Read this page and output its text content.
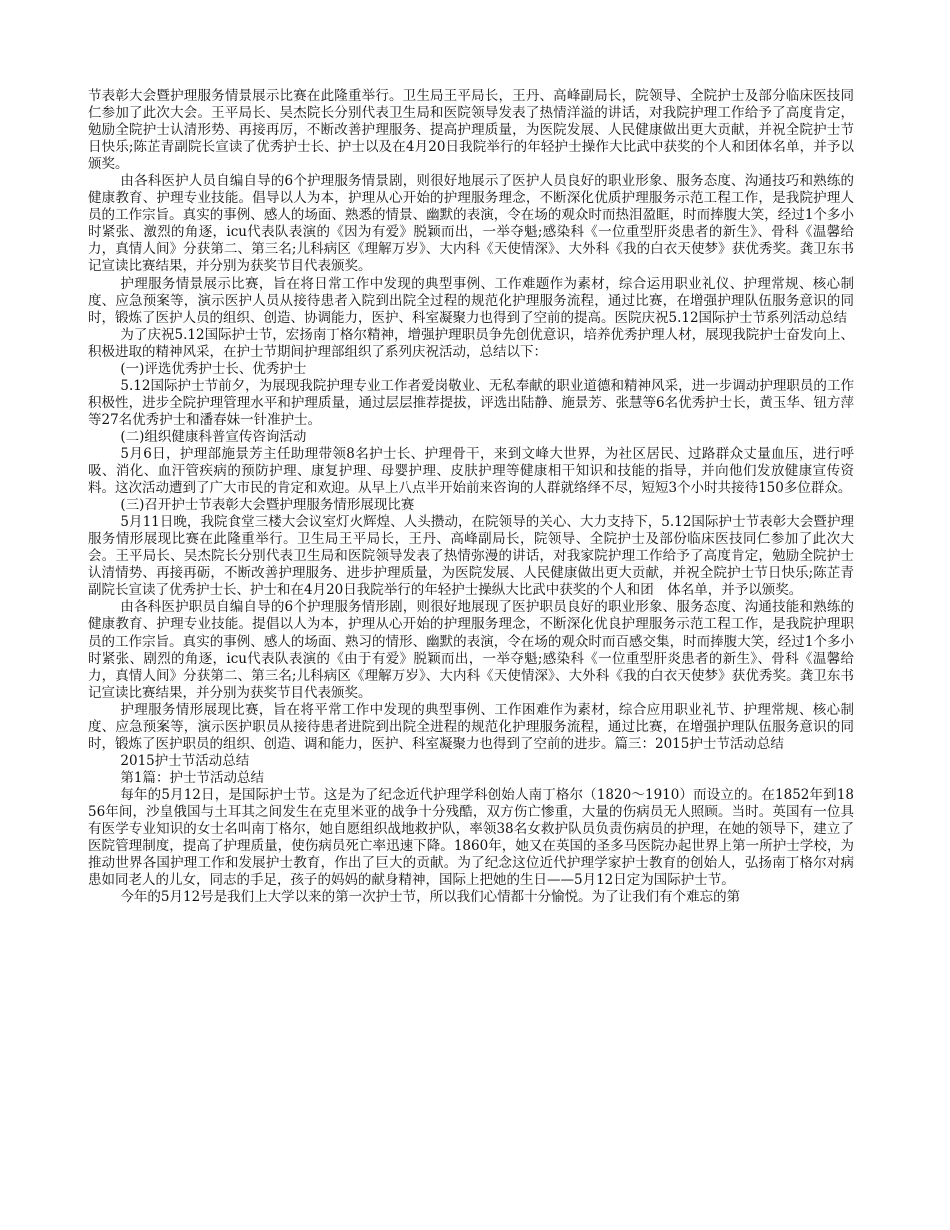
节表彰大会暨护理服务情景展示比赛在此隆重举行。卫生局王平局长，王丹、高峰副局长，院领导、全院护士及部分临床医技同仁参加了此次大会。王平局长、吴杰院长分别代表卫生局和医院领导发表了热情洋溢的讲话，对我院护理工作给予了高度肯定，勉励全院护士认清形势、再接再厉，不断改善护理服务、提高护理质量，为医院发展、人民健康做出更大贡献，并祝全院护士节日快乐;陈芷青副院长宣读了优秀护士长、护士以及在4月20日我院举行的年轻护士操作大比武中获奖的个人和团体名单，并予以颁奖。

由各科医护人员自编自导的6个护理服务情景剧，则很好地展示了医护人员良好的职业形象、服务态度、沟通技巧和熟练的健康教育、护理专业技能。倡导以人为本，护理从心开始的护理服务理念，不断深化优质护理服务示范工程工作，是我院护理人员的工作宗旨。真实的事例、感人的场面、熟悉的情景、幽默的表演，令在场的观众时而热泪盈眶，时而捧腹大笑，经过1个多小时紧张、激烈的角逐，icu代表队表演的《因为有爱》脱颖而出，一举夺魁;感染科《一位重型肝炎患者的新生》、骨科《温馨给力，真情人间》分获第二、第三名;儿科病区《理解万岁》、大内科《天使情深》、大外科《我的白衣天使梦》获优秀奖。龚卫东书记宣读比赛结果，并分别为获奖节目代表颁奖。

护理服务情景展示比赛，旨在将日常工作中发现的典型事例、工作难题作为素材，综合运用职业礼仪、护理常规、核心制度、应急预案等，演示医护人员从接待患者入院到出院全过程的规范化护理服务流程，通过比赛，在增强护理队伍服务意识的同时，锻炼了医护人员的组织、创造、协调能力，医护、科室凝聚力也得到了空前的提高。医院庆祝5.12国际护士节系列活动总结

为了庆祝5.12国际护士节，宏扬南丁格尔精神，增强护理职员争先创优意识，培养优秀护理人材，展现我院护士奋发向上、积极进取的精神风采，在护士节期间护理部组织了系列庆祝活动，总结以下：

(一)评选优秀护士长、优秀护士

5.12国际护士节前夕，为展现我院护理专业工作者爱岗敬业、无私奉献的职业道德和精神风采，进一步调动护理职员的工作积极性，进步全院护理管理水平和护理质量，通过层层推荐提拔，评选出陆静、施景芳、张慧等6名优秀护士长，黄玉华、钮方萍等27名优秀护士和潘春妹一针准护士。

(二)组织健康科普宣传咨询活动

5月6日，护理部施景芳主任助理带领8名护士长、护理骨干，来到文峰大世界，为社区居民、过路群众丈量血压，进行呼吸、消化、血汗管疾病的预防护理、康复护理、母婴护理、皮肤护理等健康相干知识和技能的指导，并向他们发放健康宣传资料。这次活动遭到了广大市民的肯定和欢迎。从早上八点半开始前来咨询的人群就络绎不尽，短短3个小时共接待150多位群众。

(三)召开护士节表彰大会暨护理服务情形展现比赛

5月11日晚，我院食堂三楼大会议室灯火辉煌、人头攒动，在院领导的关心、大力支持下，5.12国际护士节表彰大会暨护理服务情形展现比赛在此隆重举行。卫生局王平局长，王丹、高峰副局长，院领导、全院护士及部份临床医技同仁参加了此次大会。王平局长、吴杰院长分别代表卫生局和医院领导发表了热情弥漫的讲话，对我家院护理工作给予了高度肯定，勉励全院护士认清情势、再接再砺，不断改善护理服务、进步护理质量，为医院发展、人民健康做出更大贡献，并祝全院护士节日快乐;陈芷青副院长宣读了优秀护士长、护士和在4月20日我院举行的年轻护士操纵大比武中获奖的个人和团　体名单，并予以颁奖。

由各科医护职员自编自导的6个护理服务情形剧，则很好地展现了医护职员良好的职业形象、服务态度、沟通技能和熟练的健康教育、护理专业技能。提倡以人为本，护理从心开始的护理服务理念，不断深化优良护理服务示范工程工作，是我院护理职员的工作宗旨。真实的事例、感人的场面、熟习的情形、幽默的表演，令在场的观众时而百感交集，时而捧腹大笑，经过1个多小时紧张、剧烈的角逐，icu代表队表演的《由于有爱》脱颖而出，一举夺魁;感染科《一位重型肝炎患者的新生》、骨科《温馨给力，真情人间》分获第二、第三名;儿科病区《理解万岁》、大内科《天使情深》、大外科《我的白衣天使梦》获优秀奖。龚卫东书记宣读比赛结果，并分别为获奖节目代表颁奖。

护理服务情形展现比赛，旨在将平常工作中发现的典型事例、工作困难作为素材，综合应用职业礼节、护理常规、核心制度、应急预案等，演示医护职员从接待患者进院到出院全进程的规范化护理服务流程，通过比赛，在增强护理队伍服务意识的同时，锻炼了医护职员的组织、创造、调和能力，医护、科室凝聚力也得到了空前的进步。篇三：2015护士节活动总结

2015护士节活动总结

第1篇：护士节活动总结

每年的5月12日，是国际护士节。这是为了纪念近代护理学科创始人南丁格尔（1820～1910）而设立的。在1852年到1856年间，沙皇俄国与土耳其之间发生在克里米亚的战争十分残酷，双方伤亡惨重，大量的伤病员无人照顾。当时。英国有一位具有医学专业知识的女士名叫南丁格尔，她自愿组织战地救护队，率领38名女救护队员负责伤病员的护理，在她的领导下，建立了医院管理制度，提高了护理质量，使伤病员死亡率迅速下降。1860年，她又在英国的圣多马医院办起世界上第一所护士学校，为推动世界各国护理工作和发展护士教育，作出了巨大的贡献。为了纪念这位近代护理学家护士教育的创始人，弘扬南丁格尔对病患如同老人的儿女，同志的手足，孩子的妈妈的献身精神，国际上把她的生日——5月12日定为国际护士节。

今年的5月12号是我们上大学以来的第一次护士节，所以我们心情都十分愉悦。为了让我们有个难忘的第
